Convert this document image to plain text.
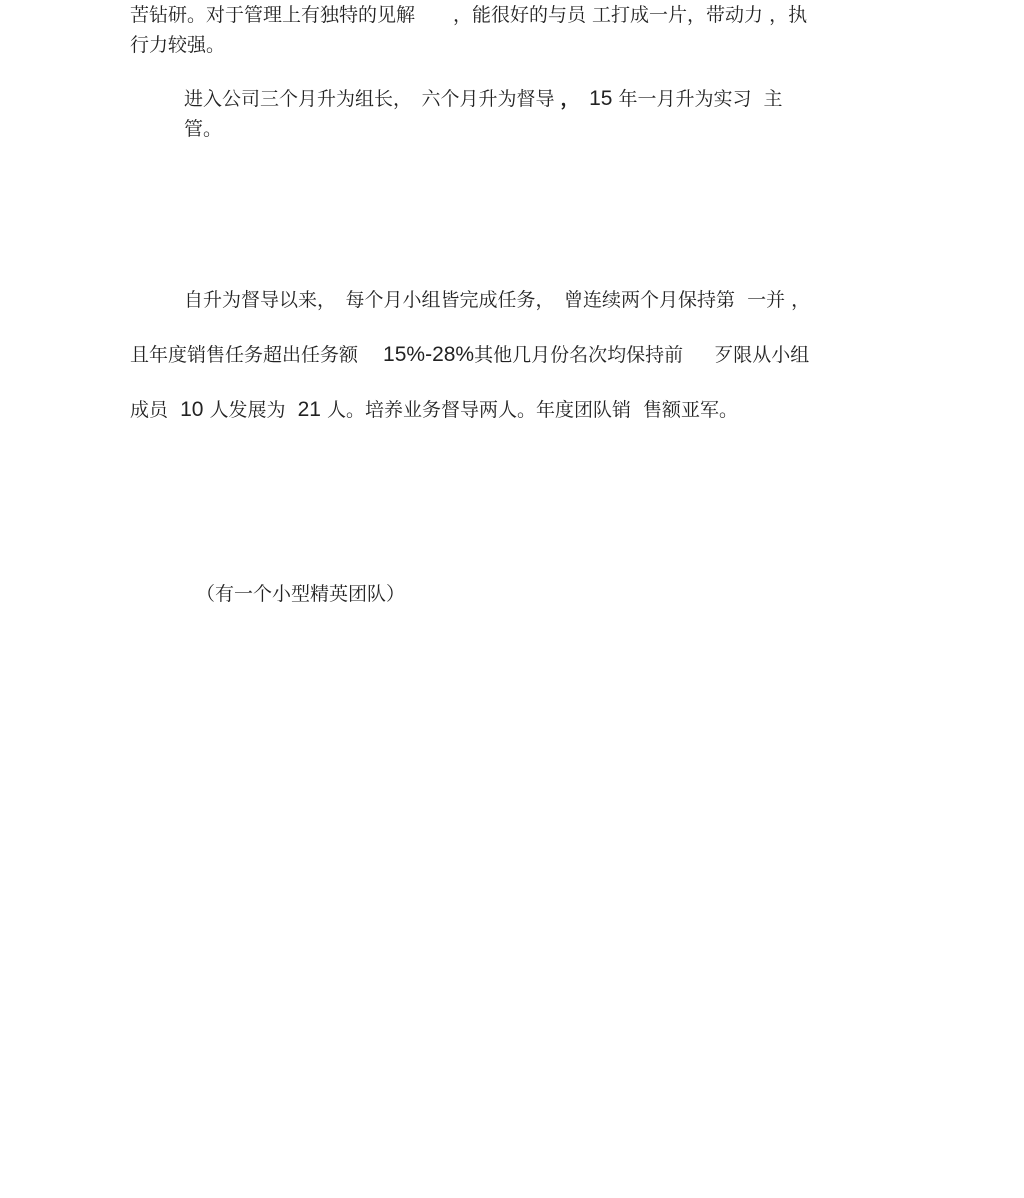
苦钻研。对于管理上有独特的见解　　，能很好的与员 工打成一片，带动力 ，执
行力较强。
进入公司三个月升为组长，　六个月升为督导 ，　 15 年一月升为实习  主
管。
自升为督导以来，　每个月小组皆完成任务，　曾连续两个月保持第  一并 ，
且年度销售任务超出任务额　 15%-28%其他几月份名次均保持前　  歹限从小组
成员  10 人发展为  21 人。培养业务督导两人。年度团队销  售额亚军。
（有一个小型精英团队）
